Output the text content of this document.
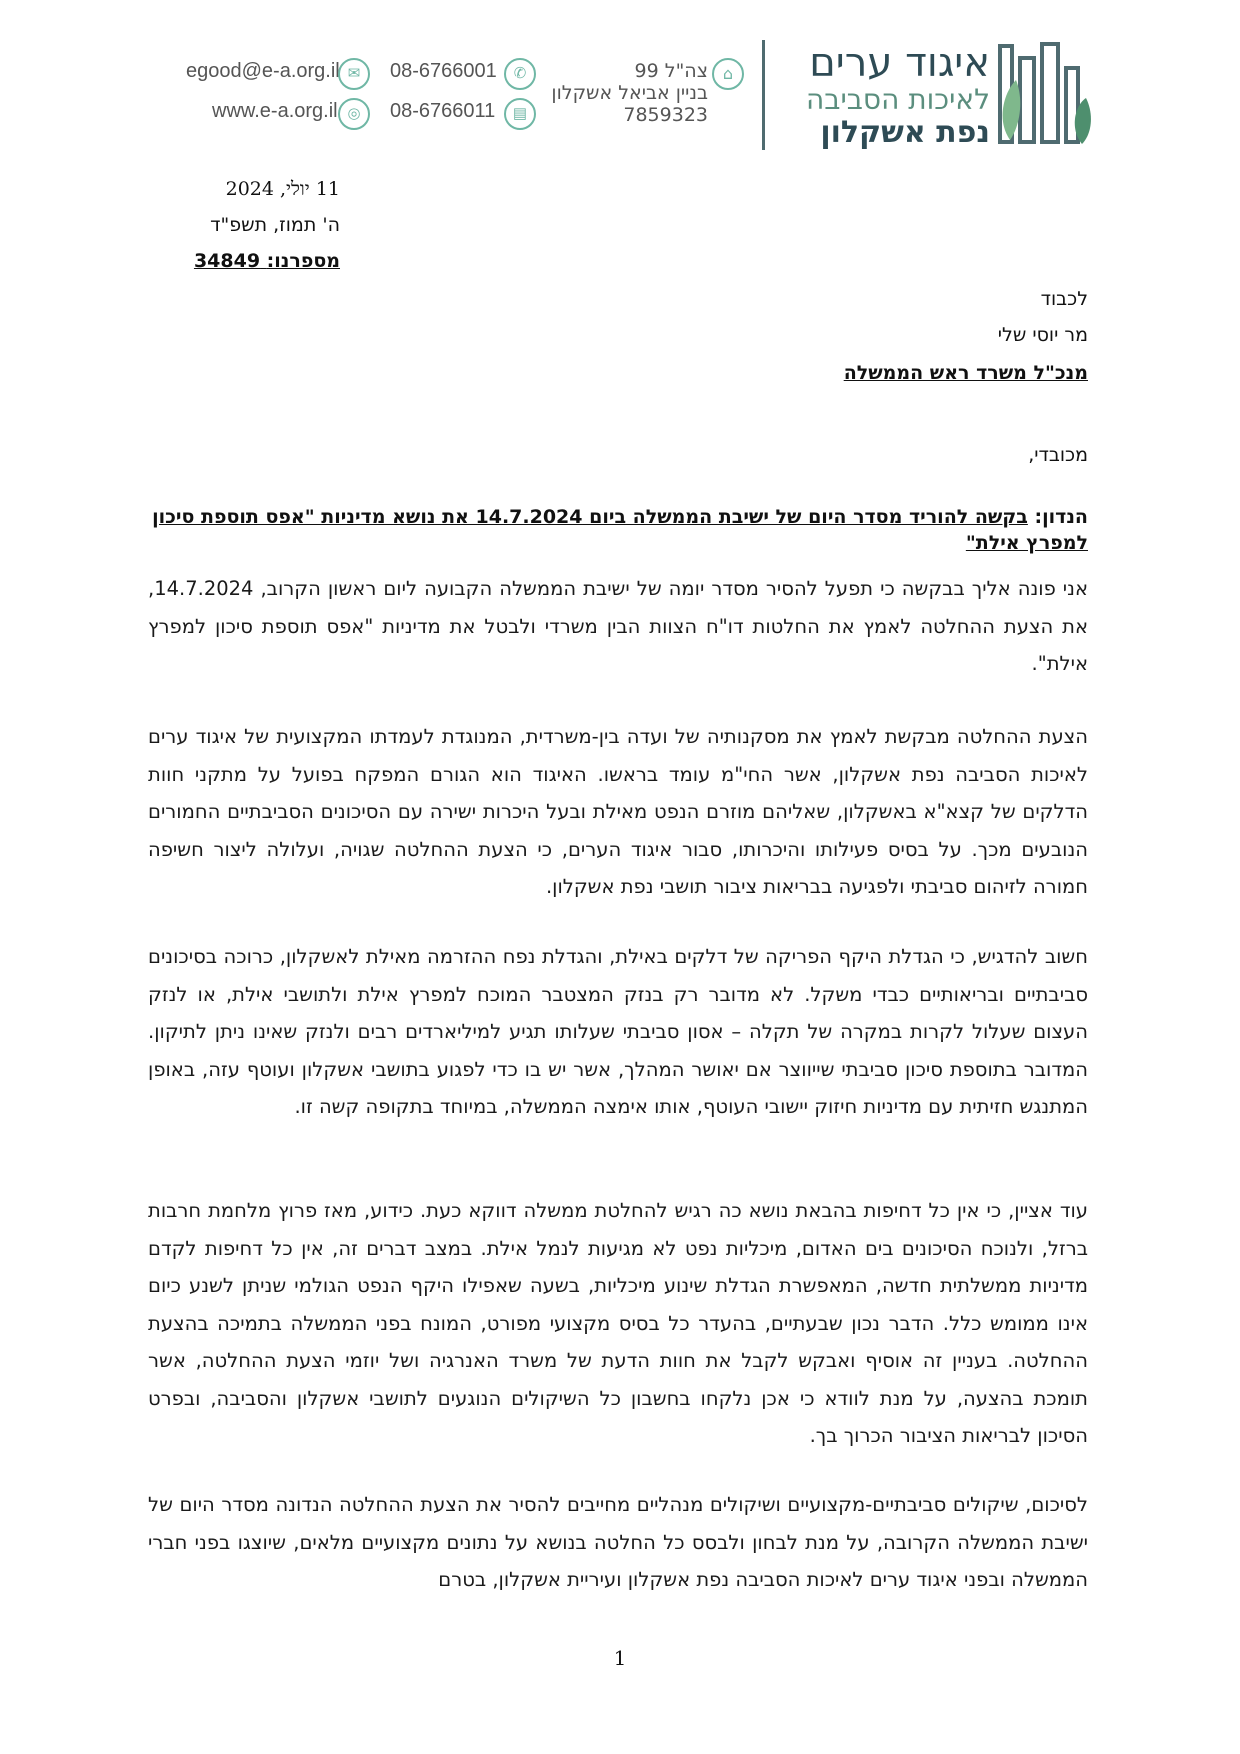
איגוד ערים
לאיכות הסביבה
נפת אשקלון
⌂
צה"ל 99
בניין אביאל אשקלון
7859323
08-6766001	✆
08-6766011	▤
egood@e-a.org.il ✉
www.e-a.org.il ◎
11 יולי, 2024
ה' תמוז, תשפ"ד
מספרנו: 34849
לכבוד
מר יוסי שלי
מנכ"ל משרד ראש הממשלה
מכובדי,
הנדון: בקשה להוריד מסדר היום של ישיבת הממשלה ביום 14.7.2024 את נושא מדיניות "אפס תוספת סיכון למפרץ אילת"
אני פונה אליך בבקשה כי תפעל להסיר מסדר יומה של ישיבת הממשלה הקבועה ליום ראשון הקרוב, 14.7.2024, את הצעת ההחלטה לאמץ את החלטות דו"ח הצוות הבין משרדי ולבטל את מדיניות "אפס תוספת סיכון למפרץ אילת".
הצעת ההחלטה מבקשת לאמץ את מסקנותיה של ועדה בין-משרדית, המנוגדת לעמדתו המקצועית של איגוד ערים לאיכות הסביבה נפת אשקלון, אשר החי"מ עומד בראשו. האיגוד הוא הגורם המפקח בפועל על מתקני חוות הדלקים של קצא"א באשקלון, שאליהם מוזרם הנפט מאילת ובעל היכרות ישירה עם הסיכונים הסביבתיים החמורים הנובעים מכך. על בסיס פעילותו והיכרותו, סבור איגוד הערים, כי הצעת ההחלטה שגויה, ועלולה ליצור חשיפה חמורה לזיהום סביבתי ולפגיעה בבריאות ציבור תושבי נפת אשקלון.
חשוב להדגיש, כי הגדלת היקף הפריקה של דלקים באילת, והגדלת נפח ההזרמה מאילת לאשקלון, כרוכה בסיכונים סביבתיים ובריאותיים כבדי משקל. לא מדובר רק בנזק המצטבר המוכח למפרץ אילת ולתושבי אילת, או לנזק העצום שעלול לקרות במקרה של תקלה – אסון סביבתי שעלותו תגיע למיליארדים רבים ולנזק שאינו ניתן לתיקון. המדובר בתוספת סיכון סביבתי שייווצר אם יאושר המהלך, אשר יש בו כדי לפגוע בתושבי אשקלון ועוטף עזה, באופן המתנגש חזיתית עם מדיניות חיזוק יישובי העוטף, אותו אימצה הממשלה, במיוחד בתקופה קשה זו.
עוד אציין, כי אין כל דחיפות בהבאת נושא כה רגיש להחלטת ממשלה דווקא כעת. כידוע, מאז פרוץ מלחמת חרבות ברזל, ולנוכח הסיכונים בים האדום, מיכליות נפט לא מגיעות לנמל אילת. במצב דברים זה, אין כל דחיפות לקדם מדיניות ממשלתית חדשה, המאפשרת הגדלת שינוע מיכליות, בשעה שאפילו היקף הנפט הגולמי שניתן לשנע כיום אינו ממומש כלל. הדבר נכון שבעתיים, בהעדר כל בסיס מקצועי מפורט, המונח בפני הממשלה בתמיכה בהצעת ההחלטה. בעניין זה אוסיף ואבקש לקבל את חוות הדעת של משרד האנרגיה ושל יוזמי הצעת ההחלטה, אשר תומכת בהצעה, על מנת לוודא כי אכן נלקחו בחשבון כל השיקולים הנוגעים לתושבי אשקלון והסביבה, ובפרט הסיכון לבריאות הציבור הכרוך בך.
לסיכום, שיקולים סביבתיים-מקצועיים ושיקולים מנהליים מחייבים להסיר את הצעת ההחלטה הנדונה מסדר היום של ישיבת הממשלה הקרובה, על מנת לבחון ולבסס כל החלטה בנושא על נתונים מקצועיים מלאים, שיוצגו בפני חברי הממשלה ובפני איגוד ערים לאיכות הסביבה נפת אשקלון ועיריית אשקלון, בטרם
1
